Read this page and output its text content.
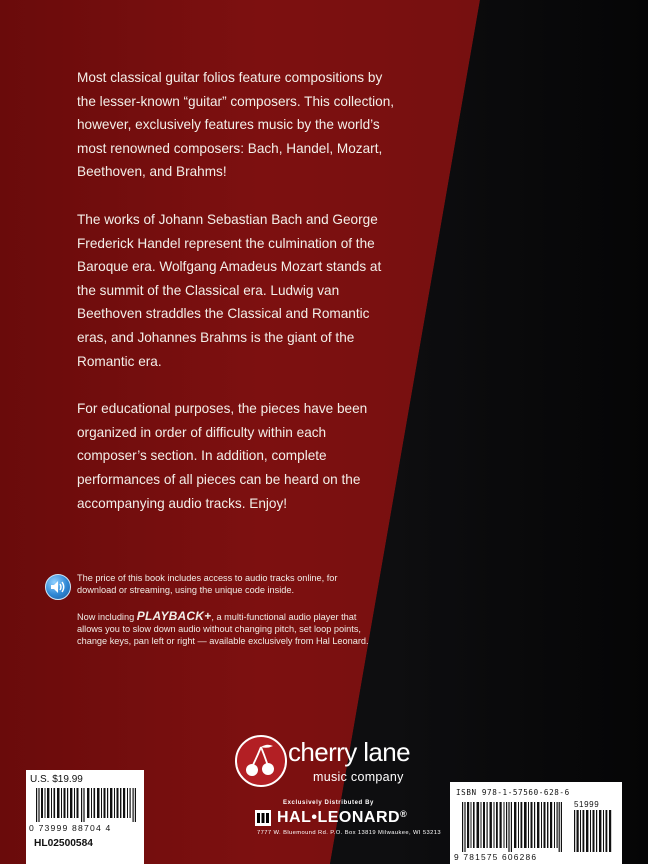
Most classical guitar folios feature compositions by the lesser-known “guitar” composers. This collection, however, exclusively features music by the world’s most renowned composers: Bach, Handel, Mozart, Beethoven, and Brahms!

The works of Johann Sebastian Bach and George Frederick Handel represent the culmination of the Baroque era. Wolfgang Amadeus Mozart stands at the summit of the Classical era. Ludwig van Beethoven straddles the Classical and Romantic eras, and Johannes Brahms is the giant of the Romantic era.

For educational purposes, the pieces have been organized in order of difficulty within each composer’s section. In addition, complete performances of all pieces can be heard on the accompanying audio tracks. Enjoy!

The price of this book includes access to audio tracks online, for download or streaming, using the unique code inside.
Now including PLAYBACK+, a multi-functional audio player that allows you to slow down audio without changing pitch, set loop points, change keys, pan left or right — available exclusively from Hal Leonard.
cherry lane
music company
Exclusively Distributed By
HAL•LEONARD®
7777 W. Bluemound Rd. P.O. Box 13819 Milwaukee, WI 53213
U.S. $19.99
0 73999 88704 4
HL02500584
ISBN 978-1-57560-628-6
51999
9 781575 606286
